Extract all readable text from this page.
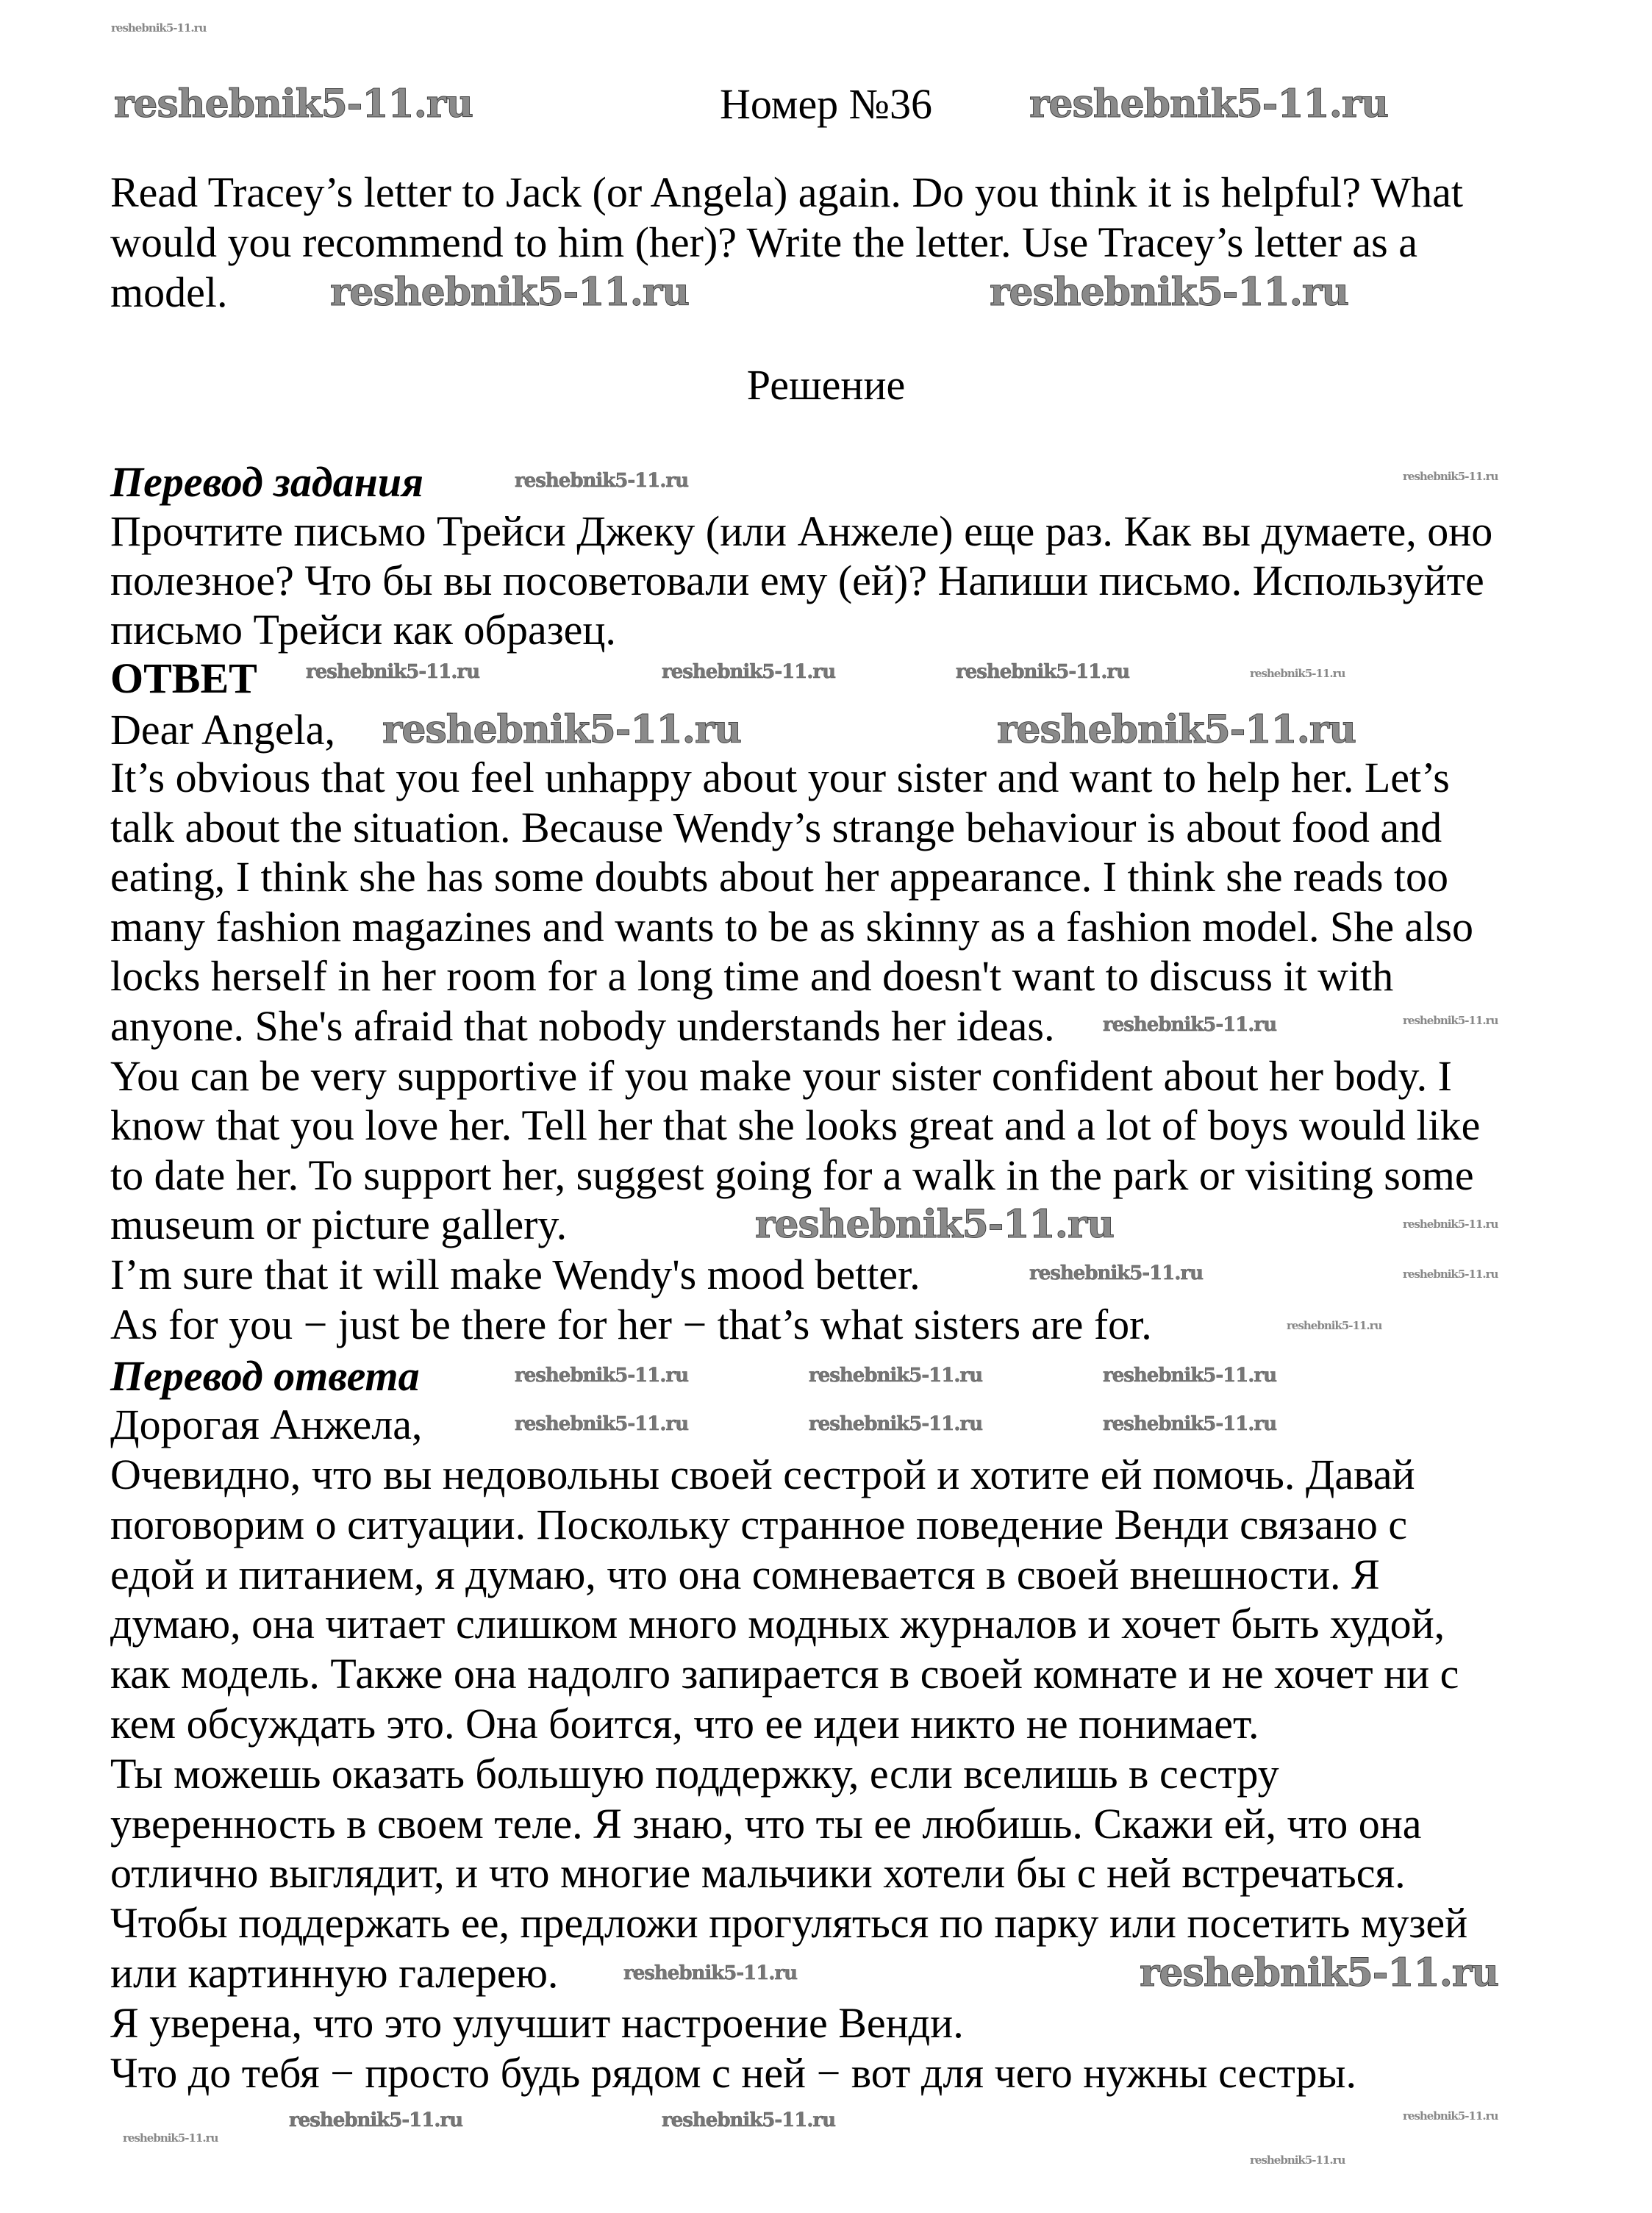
Номер №36
Read Tracey’s letter to Jack (or Angela) again. Do you think it is helpful? What
would you recommend to him (her)? Write the letter. Use Tracey’s letter as a
model.
Решение
Перевод задания
Прочтите письмо Трейси Джеку (или Анжеле) еще раз. Как вы думаете, оно
полезное? Что бы вы посоветовали ему (ей)? Напиши письмо. Используйте
письмо Трейси как образец.
ОТВЕТ
Dear Angela,
It’s obvious that you feel unhappy about your sister and want to help her. Let’s
talk about the situation. Because Wendy’s strange behaviour is about food and
eating, I think she has some doubts about her appearance. I think she reads too
many fashion magazines and wants to be as skinny as a fashion model. She also
locks herself in her room for a long time and doesn't want to discuss it with
anyone. She's afraid that nobody understands her ideas.
You can be very supportive if you make your sister confident about her body. I
know that you love her. Tell her that she looks great and a lot of boys would like
to date her. To support her, suggest going for a walk in the park or visiting some
museum or picture gallery.
I’m sure that it will make Wendy's mood better.
As for you − just be there for her − that’s what sisters are for.
Перевод ответа
Дорогая Анжела,
Очевидно, что вы недовольны своей сестрой и хотите ей помочь. Давай
поговорим о ситуации. Поскольку странное поведение Венди связано с
едой и питанием, я думаю, что она сомневается в своей внешности. Я
думаю, она читает слишком много модных журналов и хочет быть худой,
как модель. Также она надолго запирается в своей комнате и не хочет ни с
кем обсуждать это. Она боится, что ее идеи никто не понимает.
Ты можешь оказать большую поддержку, если вселишь в сестру
уверенность в своем теле. Я знаю, что ты ее любишь. Скажи ей, что она
отлично выглядит, и что многие мальчики хотели бы с ней встречаться.
Чтобы поддержать ее, предложи прогуляться по парку или посетить музей
или картинную галерею.
Я уверена, что это улучшит настроение Венди.
Что до тебя − просто будь рядом с ней − вот для чего нужны сестры.
reshebnik5-11.ru	reshebnik5-11.ru
reshebnik5-11.ru	reshebnik5-11.ru
reshebnik5-11.ru	reshebnik5-11.ru
reshebnik5-11.ru
reshebnik5-11.ru
reshebnik5-11.ru	reshebnik5-11.ru	reshebnik5-11.ru
reshebnik5-11.ru
reshebnik5-11.ru
reshebnik5-11.ru	reshebnik5-11.ru	reshebnik5-11.ru
reshebnik5-11.ru	reshebnik5-11.ru	reshebnik5-11.ru
reshebnik5-11.ru
reshebnik5-11.ru	reshebnik5-11.ru
reshebnik5-11.ru
reshebnik5-11.ru
reshebnik5-11.ru
reshebnik5-11.ru
reshebnik5-11.ru
reshebnik5-11.ru
reshebnik5-11.ru
reshebnik5-11.ru
reshebnik5-11.ru
reshebnik5-11.ru
reshebnik5-11.ru
